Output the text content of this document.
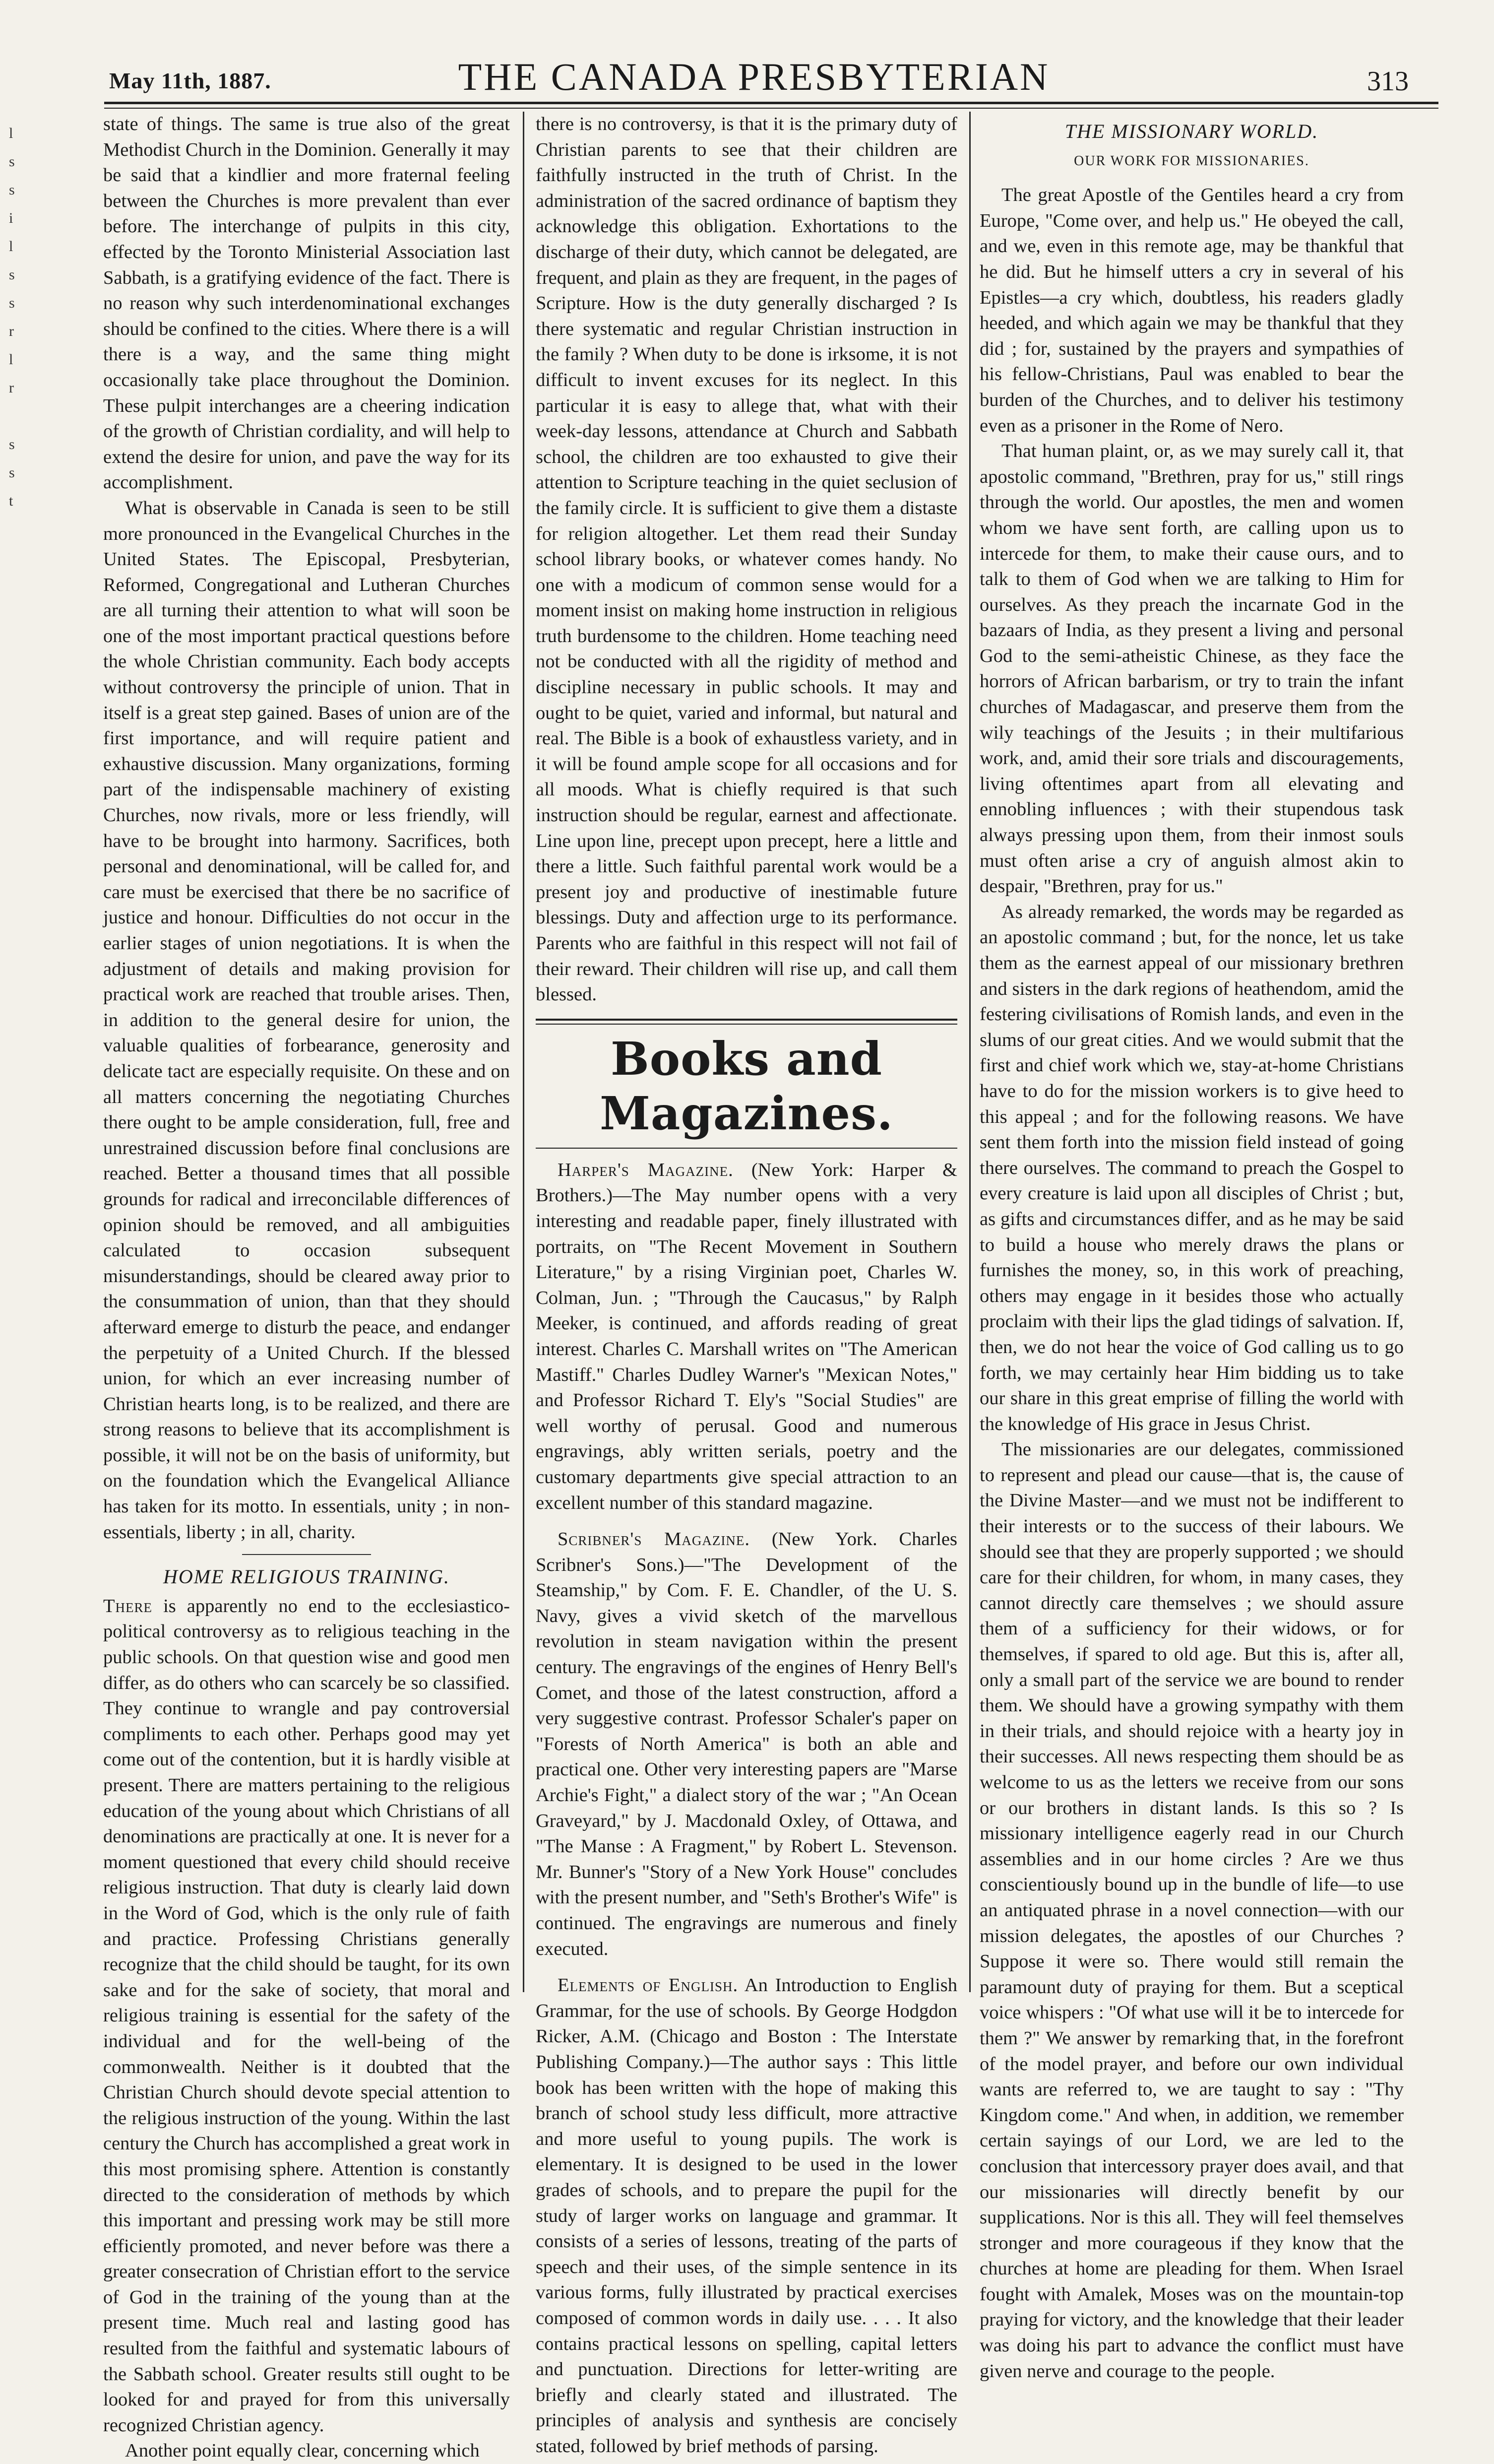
May 11th, 1887.	THE CANADA PRESBYTERIAN	313
l
s
s
i
l
s
s
r
l
r
s
s
t

state of things. The same is true also of the great Methodist Church in the Dominion. Generally it may be said that a kindlier and more fraternal feeling between the Churches is more prevalent than ever before. The interchange of pulpits in this city, effected by the Toronto Ministerial Association last Sabbath, is a gratifying evidence of the fact. There is no reason why such interdenominational exchanges should be confined to the cities. Where there is a will there is a way, and the same thing might occasionally take place throughout the Dominion. These pulpit interchanges are a cheering indication of the growth of Christian cordiality, and will help to extend the desire for union, and pave the way for its accomplishment.

What is observable in Canada is seen to be still more pronounced in the Evangelical Churches in the United States. The Episcopal, Presbyterian, Reformed, Congregational and Lutheran Churches are all turning their attention to what will soon be one of the most important practical questions before the whole Christian community. Each body accepts without controversy the principle of union. That in itself is a great step gained. Bases of union are of the first importance, and will require patient and exhaustive discussion. Many organizations, forming part of the indispensable machinery of existing Churches, now rivals, more or less friendly, will have to be brought into harmony. Sacrifices, both personal and denominational, will be called for, and care must be exercised that there be no sacrifice of justice and honour. Difficulties do not occur in the earlier stages of union negotiations. It is when the adjustment of details and making provision for practical work are reached that trouble arises. Then, in addition to the general desire for union, the valuable qualities of forbearance, generosity and delicate tact are especially requisite. On these and on all matters concerning the negotiating Churches there ought to be ample consideration, full, free and unrestrained discussion before final conclusions are reached. Better a thousand times that all possible grounds for radical and irreconcilable differences of opinion should be removed, and all ambiguities calculated to occasion subsequent misunderstandings, should be cleared away prior to the consummation of union, than that they should afterward emerge to disturb the peace, and endanger the perpetuity of a United Church. If the blessed union, for which an ever increasing number of Christian hearts long, is to be realized, and there are strong reasons to believe that its accomplishment is possible, it will not be on the basis of uniformity, but on the foundation which the Evangelical Alliance has taken for its motto. In essentials, unity ; in non-essentials, liberty ; in all, charity.

HOME RELIGIOUS TRAINING.

There is apparently no end to the ecclesiastico-political controversy as to religious teaching in the public schools. On that question wise and good men differ, as do others who can scarcely be so classified. They continue to wrangle and pay controversial compliments to each other. Perhaps good may yet come out of the contention, but it is hardly visible at present. There are matters pertaining to the religious education of the young about which Christians of all denominations are practically at one. It is never for a moment questioned that every child should receive religious instruction. That duty is clearly laid down in the Word of God, which is the only rule of faith and practice. Professing Christians generally recognize that the child should be taught, for its own sake and for the sake of society, that moral and religious training is essential for the safety of the individual and for the well-being of the commonwealth. Neither is it doubted that the Christian Church should devote special attention to the religious instruction of the young. Within the last century the Church has accomplished a great work in this most promising sphere. Attention is constantly directed to the consideration of methods by which this important and pressing work may be still more efficiently promoted, and never before was there a greater consecration of Christian effort to the service of God in the training of the young than at the present time. Much real and lasting good has resulted from the faithful and systematic labours of the Sabbath school. Greater results still ought to be looked for and prayed for from this universally recognized Christian agency.

Another point equally clear, concerning which

there is no controversy, is that it is the primary duty of Christian parents to see that their children are faithfully instructed in the truth of Christ. In the administration of the sacred ordinance of baptism they acknowledge this obligation. Exhortations to the discharge of their duty, which cannot be delegated, are frequent, and plain as they are frequent, in the pages of Scripture. How is the duty generally discharged ? Is there systematic and regular Christian instruction in the family ? When duty to be done is irksome, it is not difficult to invent excuses for its neglect. In this particular it is easy to allege that, what with their week-day lessons, attendance at Church and Sabbath school, the children are too exhausted to give their attention to Scripture teaching in the quiet seclusion of the family circle. It is sufficient to give them a distaste for religion altogether. Let them read their Sunday school library books, or whatever comes handy. No one with a modicum of common sense would for a moment insist on making home instruction in religious truth burdensome to the children. Home teaching need not be conducted with all the rigidity of method and discipline necessary in public schools. It may and ought to be quiet, varied and informal, but natural and real. The Bible is a book of exhaustless variety, and in it will be found ample scope for all occasions and for all moods. What is chiefly required is that such instruction should be regular, earnest and affectionate. Line upon line, precept upon precept, here a little and there a little. Such faithful parental work would be a present joy and productive of inestimable future blessings. Duty and affection urge to its performance. Parents who are faithful in this respect will not fail of their reward. Their children will rise up, and call them blessed.

Books and Magazines.

Harper's Magazine. (New York: Harper & Brothers.)—The May number opens with a very interesting and readable paper, finely illustrated with portraits, on "The Recent Movement in Southern Literature," by a rising Virginian poet, Charles W. Colman, Jun. ; "Through the Caucasus," by Ralph Meeker, is continued, and affords reading of great interest. Charles C. Marshall writes on "The American Mastiff." Charles Dudley Warner's "Mexican Notes," and Professor Richard T. Ely's "Social Studies" are well worthy of perusal. Good and numerous engravings, ably written serials, poetry and the customary departments give special attraction to an excellent number of this standard magazine.

Scribner's Magazine. (New York. Charles Scribner's Sons.)—"The Development of the Steamship," by Com. F. E. Chandler, of the U. S. Navy, gives a vivid sketch of the marvellous revolution in steam navigation within the present century. The engravings of the engines of Henry Bell's Comet, and those of the latest construction, afford a very suggestive contrast. Professor Schaler's paper on "Forests of North America" is both an able and practical one. Other very interesting papers are "Marse Archie's Fight," a dialect story of the war ; "An Ocean Graveyard," by J. Macdonald Oxley, of Ottawa, and "The Manse : A Fragment," by Robert L. Stevenson. Mr. Bunner's "Story of a New York House" concludes with the present number, and "Seth's Brother's Wife" is continued. The engravings are numerous and finely executed.

Elements of English. An Introduction to English Grammar, for the use of schools. By George Hodgdon Ricker, A.M. (Chicago and Boston : The Interstate Publishing Company.)—The author says : This little book has been written with the hope of making this branch of school study less difficult, more attractive and more useful to young pupils. The work is elementary. It is designed to be used in the lower grades of schools, and to prepare the pupil for the study of larger works on language and grammar. It consists of a series of lessons, treating of the parts of speech and their uses, of the simple sentence in its various forms, fully illustrated by practical exercises composed of common words in daily use. . . . It also contains practical lessons on spelling, capital letters and punctuation. Directions for letter-writing are briefly and clearly stated and illustrated. The principles of analysis and synthesis are concisely stated, followed by brief methods of parsing.

THE MISSIONARY WORLD.
OUR WORK FOR MISSIONARIES.

The great Apostle of the Gentiles heard a cry from Europe, "Come over, and help us." He obeyed the call, and we, even in this remote age, may be thankful that he did. But he himself utters a cry in several of his Epistles—a cry which, doubtless, his readers gladly heeded, and which again we may be thankful that they did ; for, sustained by the prayers and sympathies of his fellow-Christians, Paul was enabled to bear the burden of the Churches, and to deliver his testimony even as a prisoner in the Rome of Nero.

That human plaint, or, as we may surely call it, that apostolic command, "Brethren, pray for us," still rings through the world. Our apostles, the men and women whom we have sent forth, are calling upon us to intercede for them, to make their cause ours, and to talk to them of God when we are talking to Him for ourselves. As they preach the incarnate God in the bazaars of India, as they present a living and personal God to the semi-atheistic Chinese, as they face the horrors of African barbarism, or try to train the infant churches of Madagascar, and preserve them from the wily teachings of the Jesuits ; in their multifarious work, and, amid their sore trials and discouragements, living oftentimes apart from all elevating and ennobling influences ; with their stupendous task always pressing upon them, from their inmost souls must often arise a cry of anguish almost akin to despair, "Brethren, pray for us."

As already remarked, the words may be regarded as an apostolic command ; but, for the nonce, let us take them as the earnest appeal of our missionary brethren and sisters in the dark regions of heathendom, amid the festering civilisations of Romish lands, and even in the slums of our great cities. And we would submit that the first and chief work which we, stay-at-home Christians have to do for the mission workers is to give heed to this appeal ; and for the following reasons. We have sent them forth into the mission field instead of going there ourselves. The command to preach the Gospel to every creature is laid upon all disciples of Christ ; but, as gifts and circumstances differ, and as he may be said to build a house who merely draws the plans or furnishes the money, so, in this work of preaching, others may engage in it besides those who actually proclaim with their lips the glad tidings of salvation. If, then, we do not hear the voice of God calling us to go forth, we may certainly hear Him bidding us to take our share in this great emprise of filling the world with the knowledge of His grace in Jesus Christ.

The missionaries are our delegates, commissioned to represent and plead our cause—that is, the cause of the Divine Master—and we must not be indifferent to their interests or to the success of their labours. We should see that they are properly supported ; we should care for their children, for whom, in many cases, they cannot directly care themselves ; we should assure them of a sufficiency for their widows, or for themselves, if spared to old age. But this is, after all, only a small part of the service we are bound to render them. We should have a growing sympathy with them in their trials, and should rejoice with a hearty joy in their successes. All news respecting them should be as welcome to us as the letters we receive from our sons or our brothers in distant lands. Is this so ? Is missionary intelligence eagerly read in our Church assemblies and in our home circles ? Are we thus conscientiously bound up in the bundle of life—to use an antiquated phrase in a novel connection—with our mission delegates, the apostles of our Churches ? Suppose it were so. There would still remain the paramount duty of praying for them. But a sceptical voice whispers : "Of what use will it be to intercede for them ?" We answer by remarking that, in the forefront of the model prayer, and before our own individual wants are referred to, we are taught to say : "Thy Kingdom come." And when, in addition, we remember certain sayings of our Lord, we are led to the conclusion that intercessory prayer does avail, and that our missionaries will directly benefit by our supplications. Nor is this all. They will feel themselves stronger and more courageous if they know that the churches at home are pleading for them. When Israel fought with Amalek, Moses was on the mountain-top praying for victory, and the knowledge that their leader was doing his part to advance the conflict must have given nerve and courage to the people.
